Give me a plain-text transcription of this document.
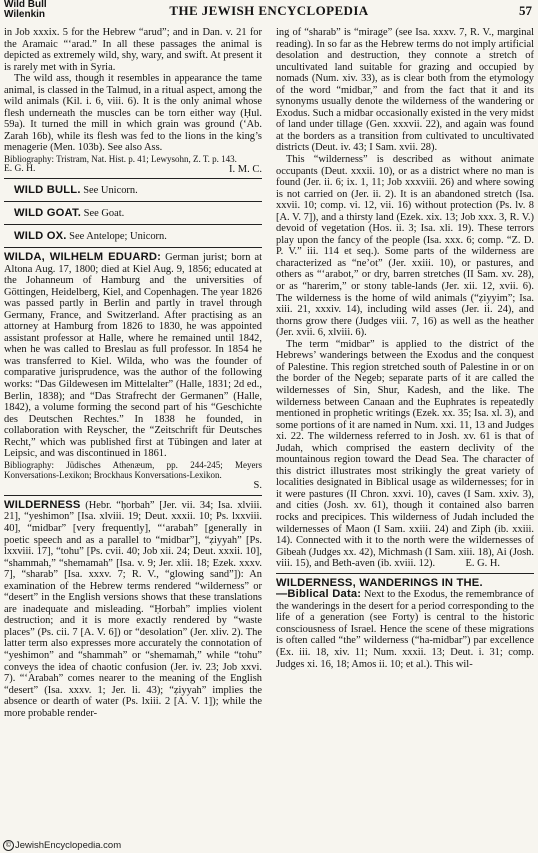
Wild Bull
Wilenkin	THE JEWISH ENCYCLOPEDIA	57

in Job xxxix. 5 for the Hebrew “arud”; and in Dan. v. 21 for the Aramaic “‘arad.” In all these passages the animal is depicted as extremely wild, shy, wary, and swift. At present it is rarely met with in Syria.

The wild ass, though it resembles in appearance the tame animal, is classed in the Talmud, in a ritual aspect, among the wild animals (Kil. i. 6, viii. 6). It is the only animal whose flesh underneath the muscles can be torn either way (Ḥul. 59a). It turned the mill in which grain was ground (‘Ab. Zarah 16b), while its flesh was fed to the lions in the king’s menagerie (Men. 103b). See also Ass.

Bibliography: Tristram, Nat. Hist. p. 41; Lewysohn, Z. T. p. 143.

E. G. H.	I. M. C.

WILD BULL. See Unicorn.

WILD GOAT. See Goat.

WILD OX. See Antelope; Unicorn.

WILDA, WILHELM EDUARD: German jurist; born at Altona Aug. 17, 1800; died at Kiel Aug. 9, 1856; educated at the Johanneum of Hamburg and the universities of Göttingen, Heidelberg, Kiel, and Copenhagen. The year 1826 was passed partly in Berlin and partly in travel through Germany, France, and Switzerland. After practising as an attorney at Hamburg from 1826 to 1830, he was appointed assistant professor at Halle, where he remained until 1842, when he was called to Breslau as full professor. In 1854 he was transferred to Kiel. Wilda, who was the founder of comparative jurisprudence, was the author of the following works: “Das Gildewesen im Mittelalter” (Halle, 1831; 2d ed., Berlin, 1838); and “Das Strafrecht der Germanen” (Halle, 1842), a volume forming the second part of his “Geschichte des Deutschen Rechtes.” In 1838 he founded, in collaboration with Reyscher, the “Zeitschrift für Deutsches Recht,” which was published first at Tübingen and later at Leipsic, and was discontinued in 1861.

Bibliography: Jüdisches Athenæum, pp. 244-245; Meyers Konversations-Lexikon; Brockhaus Konversations-Lexikon.

S.

WILDERNESS (Hebr. “ḥorbah” [Jer. vii. 34; Isa. xlviii. 21], “yeshimon” [Isa. xlviii. 19; Deut. xxxii. 10; Ps. lxxviii. 40], “midbar” [very frequently], “‘arabah” [generally in poetic speech and as a parallel to “midbar”], “ẓiyyah” [Ps. lxxviii. 17], “tohu” [Ps. cvii. 40; Job xii. 24; Deut. xxxii. 10], “shammah,” “shemamah” [Isa. v. 9; Jer. xlii. 18; Ezek. xxxv. 7], “sharab” [Isa. xxxv. 7; R. V., “glowing sand”]): An examination of the Hebrew terms rendered “wilderness” or “desert” in the English versions shows that these translations are inadequate and misleading. “Ḥorbah” implies violent destruction; and it is more exactly rendered by “waste places” (Ps. cii. 7 [A. V. 6]) or “desolation” (Jer. xliv. 2). The latter term also expresses more accurately the connotation of “yeshimon” and “shammah” or “shemamah,” while “tohu” conveys the idea of chaotic confusion (Jer. iv. 23; Job xxvi. 7). “‘Arabah” comes nearer to the meaning of the English “desert” (Isa. xxxv. 1; Jer. li. 43); “ẓiyyah” implies the absence or dearth of water (Ps. lxiii. 2 [A. V. 1]); while the more probable render-

ing of “sharab” is “mirage” (see Isa. xxxv. 7, R. V., marginal reading). In so far as the Hebrew terms do not imply artificial desolation and destruction, they connote a stretch of uncultivated land suitable for grazing and occupied by nomads (Num. xiv. 33), as is clear both from the etymology of the word “midbar,” and from the fact that it and its synonyms usually denote the wilderness of the wandering or Exodus. Such a midbar occasionally existed in the very midst of land under tillage (Gen. xxxvii. 22), and again was found at the borders as a transition from cultivated to uncultivated districts (Deut. iv. 43; I Sam. xvii. 28).

This “wilderness” is described as without animate occupants (Deut. xxxii. 10), or as a district where no man is found (Jer. ii. 6; ix. 1, 11; Job xxxviii. 26) and where sowing is not carried on (Jer. ii. 2). It is an abandoned stretch (Isa. xxvii. 10; comp. vi. 12, vii. 16) without protection (Ps. lv. 8 [A. V. 7]), and a thirsty land (Ezek. xix. 13; Job xxx. 3, R. V.) devoid of vegetation (Hos. ii. 3; Isa. xli. 19). These terrors play upon the fancy of the people (Isa. xxx. 6; comp. “Z. D. P. V.” iii. 114 et seq.). Some parts of the wilderness are characterized as “ne’ot” (Jer. xxiii. 10), or pastures, and others as “‘arabot,” or dry, barren stretches (II Sam. xv. 28), or as “harerim,” or stony table-lands (Jer. xii. 12, xvii. 6). The wilderness is the home of wild animals (“ẓiyyim”; Isa. xiii. 21, xxxiv. 14), including wild asses (Jer. ii. 24), and thorns grow there (Judges viii. 7, 16) as well as the heather (Jer. xvii. 6, xlviii. 6).

The term “midbar” is applied to the district of the Hebrews’ wanderings between the Exodus and the conquest of Palestine. This region stretched south of Palestine in or on the border of the Negeb; separate parts of it are called the wildernesses of Sin, Shur, Kadesh, and the like. The wilderness between Canaan and the Euphrates is repeatedly mentioned in prophetic writings (Ezek. xx. 35; Isa. xl. 3), and some portions of it are named in Num. xxi. 11, 13 and Judges xi. 22. The wilderness referred to in Josh. xv. 61 is that of Judah, which comprised the eastern declivity of the mountainous region toward the Dead Sea. The character of this district illustrates most strikingly the great variety of localities designated in Biblical usage as wildernesses; for in it were pastures (II Chron. xxvi. 10), caves (I Sam. xxiv. 3), and cities (Josh. xv. 61), though it contained also barren rocks and precipices. This wilderness of Judah included the wildernesses of Maon (I Sam. xxiii. 24) and Ziph (ib. xxiii. 14). Connected with it to the north were the wildernesses of Gibeah (Judges xx. 42), Michmash (I Sam. xiii. 18), Ai (Josh. viii. 15), and Beth-aven (ib. xviii. 12).	E. G. H.

WILDERNESS, WANDERINGS IN THE.
—Biblical Data: Next to the Exodus, the remembrance of the wanderings in the desert for a period corresponding to the life of a generation (see Forty) is central to the historic consciousness of Israel. Hence the scene of these migrations is often called “the” wilderness (“ha-midbar”) par excellence (Ex. iii. 18, xiv. 11; Num. xxxii. 13; Deut. i. 31; comp. Judges xi. 16, 18; Amos ii. 10; et al.). This wil-

© JewishEncyclopedia.com
